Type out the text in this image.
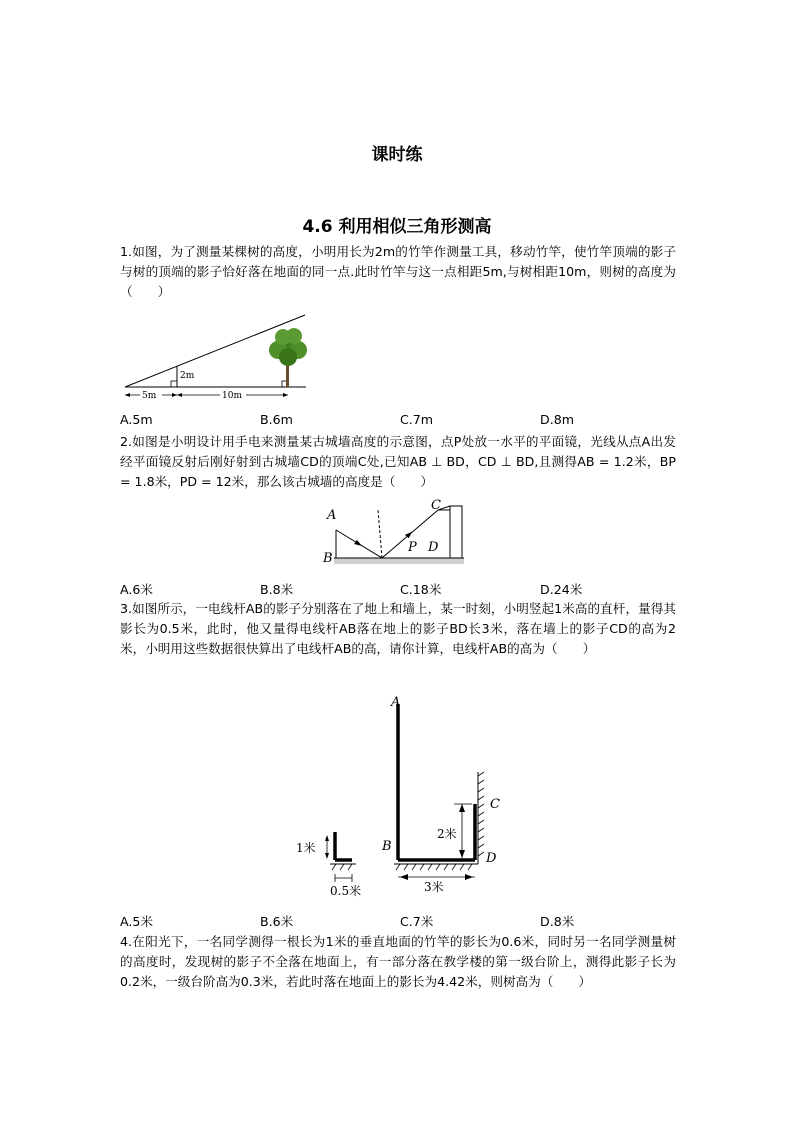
课时练
4.6 利用相似三角形测高

1.如图，为了测量某棵树的高度，小明用长为2m的竹竿作测量工具，移动竹竿，使竹竿顶端的影子与树的顶端的影子恰好落在地面的同一点.此时竹竿与这一点相距5m,与树相距10m，则树的高度为（　　）

2m
5m	10m
A.5m	B.6m	C.7m	D.8m

2.如图是小明设计用手电来测量某古城墙高度的示意图，点P处放一水平的平面镜，光线从点A出发经平面镜反射后刚好射到古城墙CD的顶端C处,已知AB ⊥ BD，CD ⊥ BD,且测得AB = 1.2米，BP = 1.8米，PD = 12米，那么该古城墙的高度是（　　）

A
B
C
P D
A.6米	B.8米	C.18米	D.24米

3.如图所示，一电线杆AB的影子分别落在了地上和墙上，某一时刻，小明竖起1米高的直杆，量得其影长为0.5米，此时，他又量得电线杆AB落在地上的影子BD长3米，落在墙上的影子CD的高为2米，小明用这些数据很快算出了电线杆AB的高，请你计算，电线杆AB的高为（　　）

A
B
C
D
1米
0.5米
2米
3米
A.5米	B.6米	C.7米	D.8米

4.在阳光下，一名同学测得一根长为1米的垂直地面的竹竿的影长为0.6米，同时另一名同学测量树的高度时，发现树的影子不全落在地面上，有一部分落在教学楼的第一级台阶上，测得此影子长为0.2米，一级台阶高为0.3米，若此时落在地面上的影长为4.42米，则树高为（　　）
